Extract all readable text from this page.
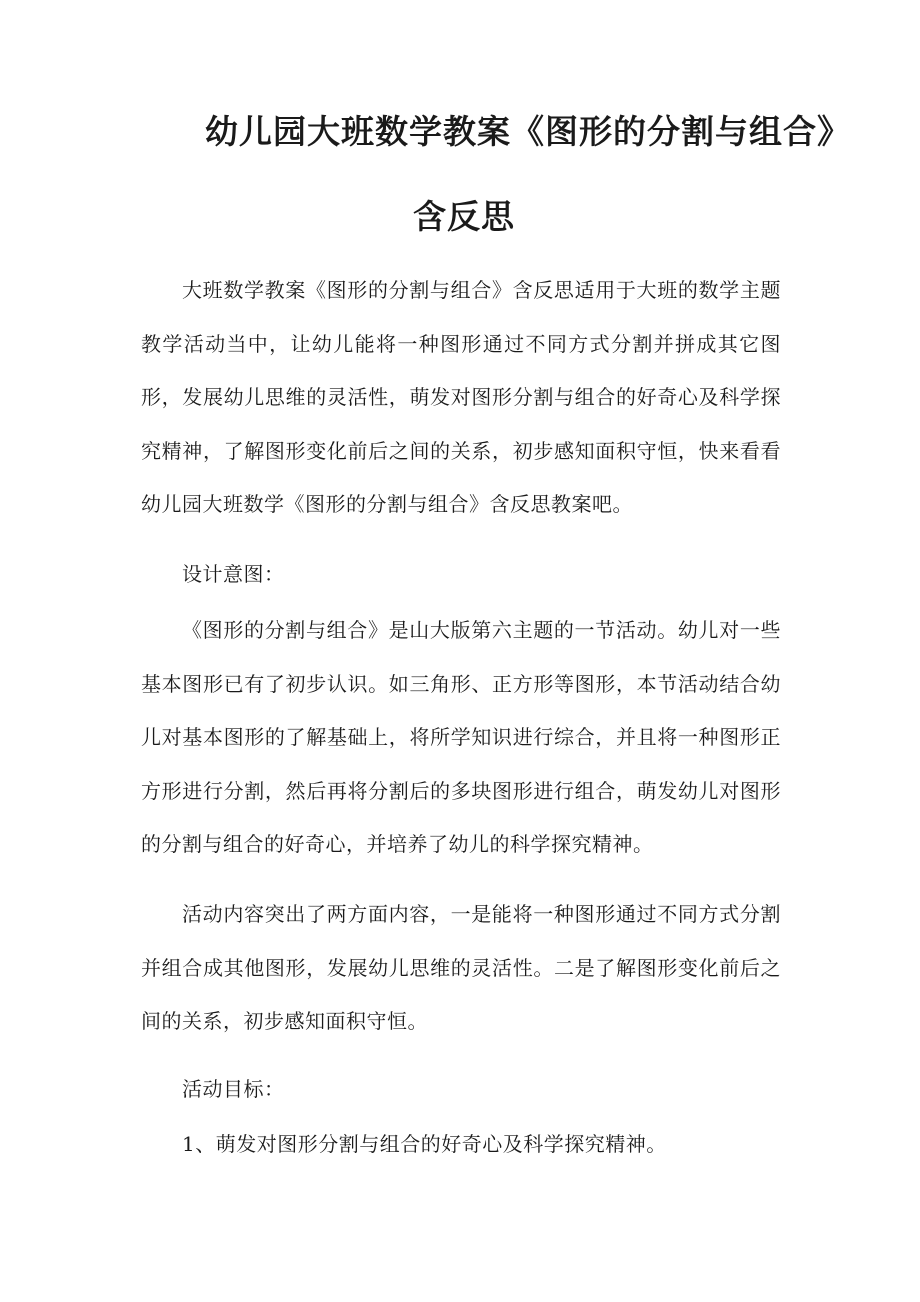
幼儿园大班数学教案《图形的分割与组合》
含反思

大班数学教案《图形的分割与组合》含反思适用于大班的数学主题教学活动当中，让幼儿能将一种图形通过不同方式分割并拼成其它图形，发展幼儿思维的灵活性，萌发对图形分割与组合的好奇心及科学探究精神，了解图形变化前后之间的关系，初步感知面积守恒，快来看看幼儿园大班数学《图形的分割与组合》含反思教案吧。

设计意图：

《图形的分割与组合》是山大版第六主题的一节活动。幼儿对一些基本图形已有了初步认识。如三角形、正方形等图形，本节活动结合幼儿对基本图形的了解基础上，将所学知识进行综合，并且将一种图形正方形进行分割，然后再将分割后的多块图形进行组合，萌发幼儿对图形的分割与组合的好奇心，并培养了幼儿的科学探究精神。

活动内容突出了两方面内容，一是能将一种图形通过不同方式分割并组合成其他图形，发展幼儿思维的灵活性。二是了解图形变化前后之间的关系，初步感知面积守恒。

活动目标：

1、萌发对图形分割与组合的好奇心及科学探究精神。
